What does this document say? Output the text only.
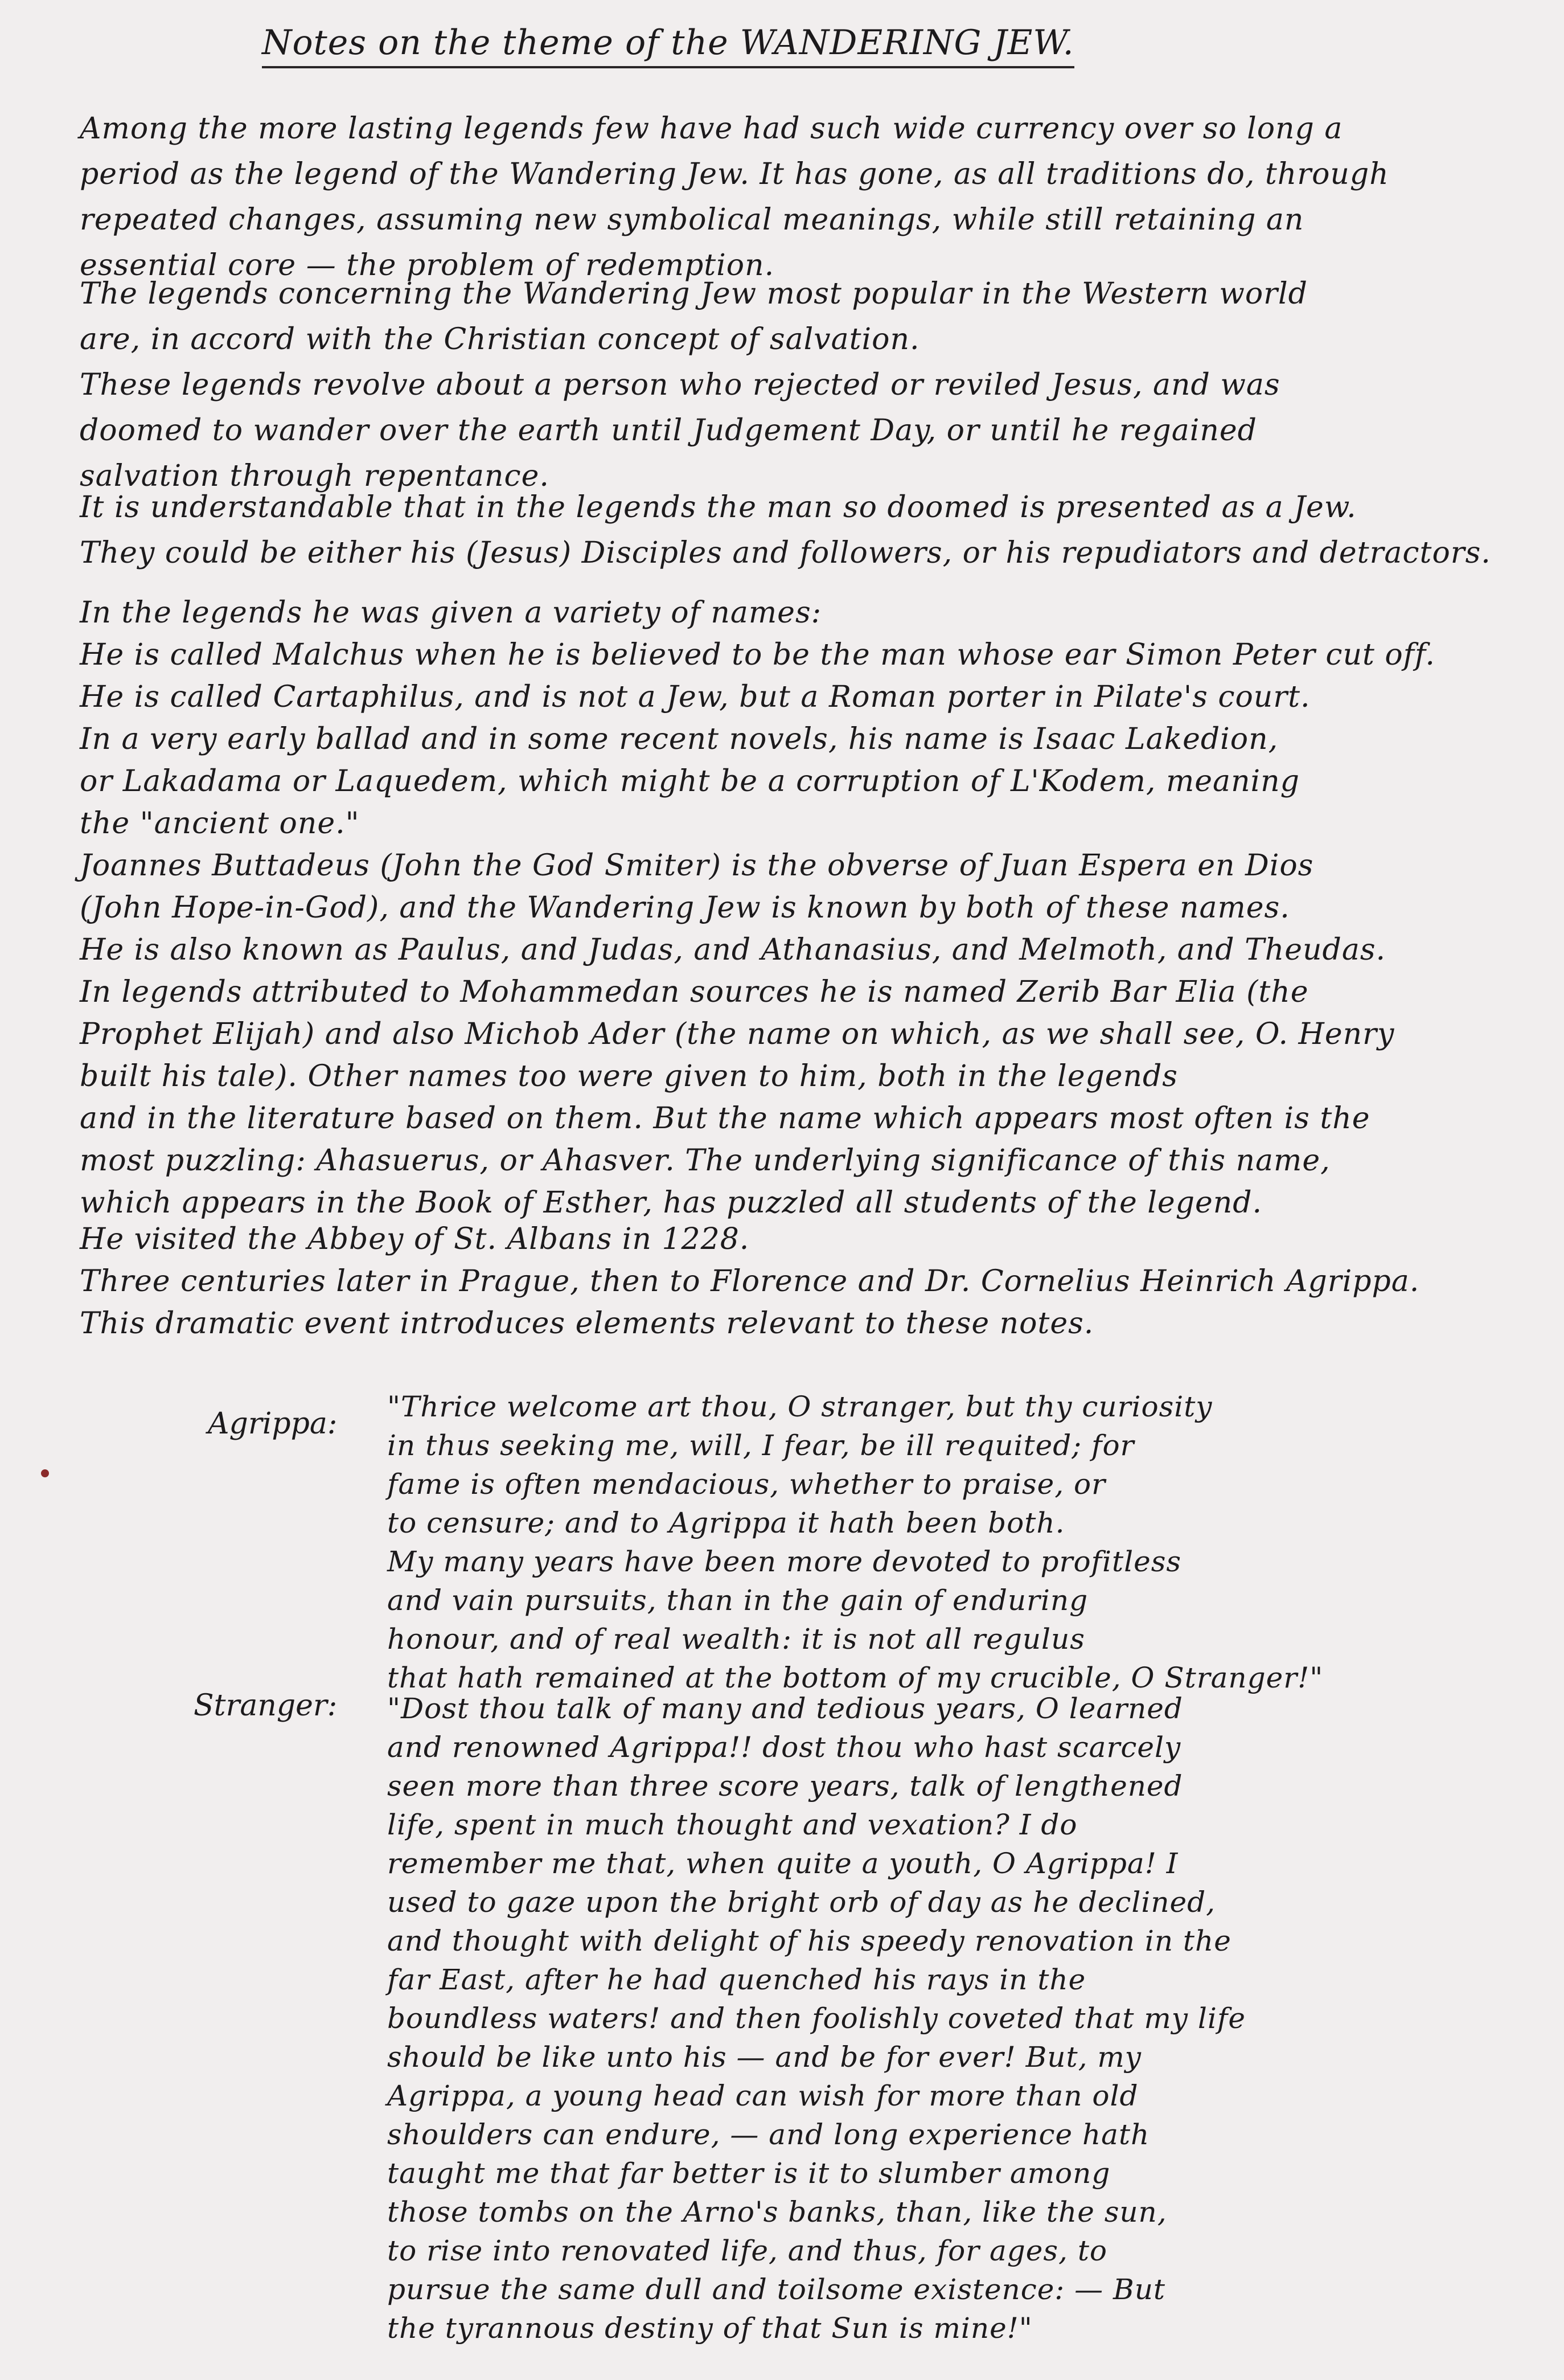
Notes on the theme of the WANDERING JEW.
Among the more lasting legends few have had such wide currency over so long a
period as the legend of the Wandering Jew. It has gone, as all traditions do, through
repeated changes, assuming new symbolical meanings, while still retaining an
essential core — the problem of redemption.
The legends concerning the Wandering Jew most popular in the Western world
are, in accord with the Christian concept of salvation.
These legends revolve about a person who rejected or reviled Jesus, and was
doomed to wander over the earth until Judgement Day, or until he regained
salvation through repentance.
It is understandable that in the legends the man so doomed is presented as a Jew.
They could be either his (Jesus) Disciples and followers, or his repudiators and detractors.
In the legends he was given a variety of names:
He is called Malchus when he is believed to be the man whose ear Simon Peter cut off.
He is called Cartaphilus, and is not a Jew, but a Roman porter in Pilate's court.
In a very early ballad and in some recent novels, his name is Isaac Lakedion,
or Lakadama or Laquedem, which might be a corruption of L'Kodem, meaning
the "ancient one."
Joannes Buttadeus (John the God Smiter) is the obverse of Juan Espera en Dios
(John Hope-in-God), and the Wandering Jew is known by both of these names.
He is also known as Paulus, and Judas, and Athanasius, and Melmoth, and Theudas.
In legends attributed to Mohammedan sources he is named Zerib Bar Elia (the
Prophet Elijah) and also Michob Ader (the name on which, as we shall see, O. Henry
built his tale). Other names too were given to him, both in the legends
and in the literature based on them. But the name which appears most often is the
most puzzling: Ahasuerus, or Ahasver. The underlying significance of this name,
which appears in the Book of Esther, has puzzled all students of the legend.
He visited the Abbey of St. Albans in 1228.
Three centuries later in Prague, then to Florence and Dr. Cornelius Heinrich Agrippa.
This dramatic event introduces elements relevant to these notes.
Agrippa: "Thrice welcome art thou, O stranger, but thy curiosity
in thus seeking me, will, I fear, be ill requited; for
fame is often mendacious, whether to praise, or
to censure; and to Agrippa it hath been both.
My many years have been more devoted to profitless
and vain pursuits, than in the gain of enduring
honour, and of real wealth: it is not all regulus
that hath remained at the bottom of my crucible, O Stranger!"
Stranger: "Dost thou talk of many and tedious years, O learned
and renowned Agrippa!! dost thou who hast scarcely
seen more than three score years, talk of lengthened
life, spent in much thought and vexation? I do
remember me that, when quite a youth, O Agrippa! I
used to gaze upon the bright orb of day as he declined,
and thought with delight of his speedy renovation in the
far East, after he had quenched his rays in the
boundless waters! and then foolishly coveted that my life
should be like unto his — and be for ever! But, my
Agrippa, a young head can wish for more than old
shoulders can endure, — and long experience hath
taught me that far better is it to slumber among
those tombs on the Arno's banks, than, like the sun,
to rise into renovated life, and thus, for ages, to
pursue the same dull and toilsome existence: — But
the tyrannous destiny of that Sun is mine!"
